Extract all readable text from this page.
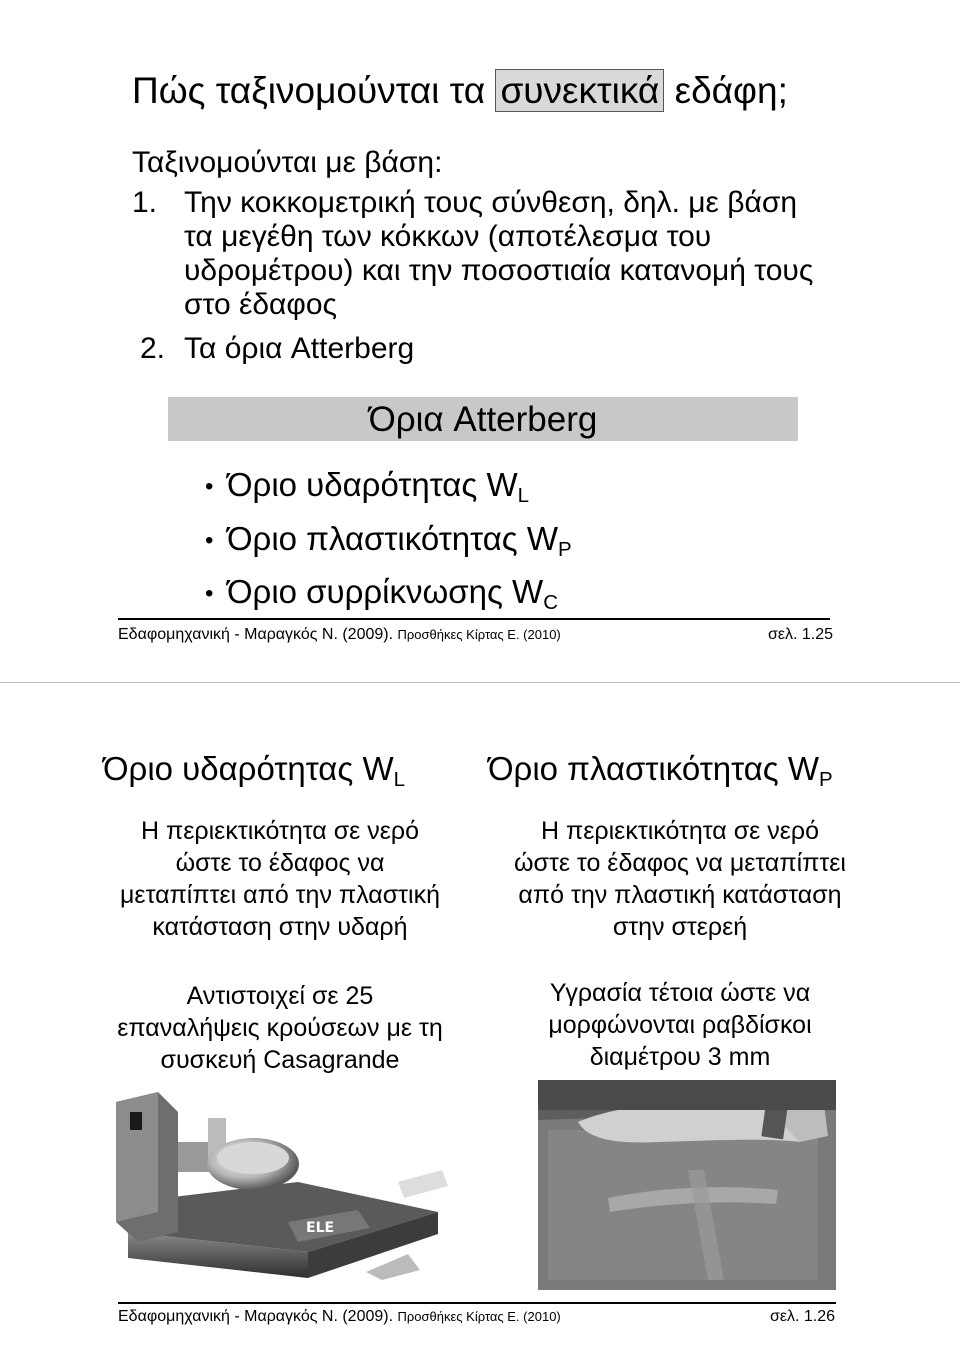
Πώς ταξινομούνται τα συνεκτικά εδάφη;
Ταξινομούνται με βάση:
1. Την κοκκομετρική τους σύνθεση, δηλ. με βάση
τα μεγέθη των κόκκων (αποτέλεσμα του
υδρομέτρου) και την ποσοστιαία κατανομή τους
στο έδαφος
2. Τα όρια Atterberg
Όρια Atterberg
• Όριο υδαρότητας $W_L$
• Όριο πλαστικότητας $W_P$
• Όριο συρρίκνωσης $W_C$
Εδαφομηχανική - Μαραγκός Ν. (2009). Προσθήκες Κίρτας Ε. (2010)	σελ. 1.25
Όριο υδαρότητας $W_L$	Όριο πλαστικότητας $W_P$
Η περιεκτικότητα σε νερό
ώστε το έδαφος να
μεταπίπτει από την πλαστική
κατάσταση στην υδαρή
Αντιστοιχεί σε 25
επαναλήψεις κρούσεων με τη
συσκευή Casagrande
Η περιεκτικότητα σε νερό
ώστε το έδαφος να μεταπίπτει
από την πλαστική κατάσταση
στην στερεή
Υγρασία τέτοια ώστε να
μορφώνονται ραβδίσκοι
διαμέτρου 3 mm
ELE
Εδαφομηχανική - Μαραγκός Ν. (2009). Προσθήκες Κίρτας Ε. (2010)	σελ. 1.26
